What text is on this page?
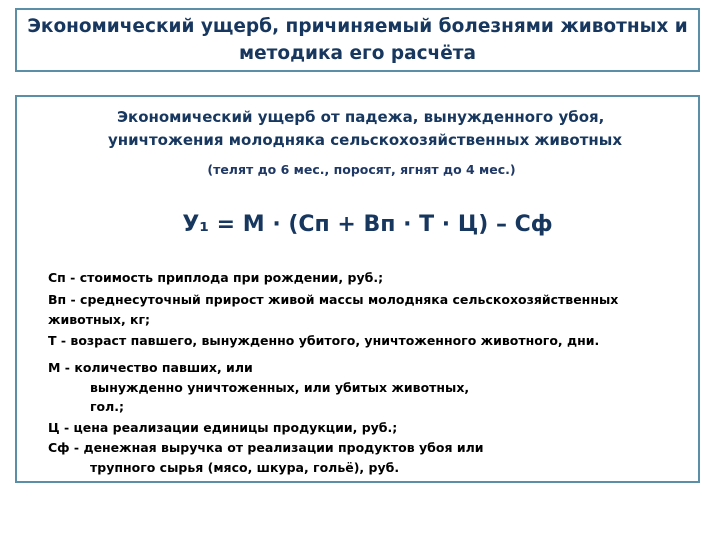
Экономический ущерб, причиняемый болезнями животных и
методика его расчёта
Экономический ущерб от падежа, вынужденного убоя,
уничтожения молодняка сельскохозяйственных животных
(телят до 6 мес., поросят, ягнят до 4 мес.)
У₁ = М · (Сп + Вп · Т · Ц) – Сф
Сп - стоимость приплода при рождении, руб.;
Вп - среднесуточный прирост живой массы молодняка сельскохозяйственных
животных, кг;
Т - возраст павшего, вынужденно убитого, уничтоженного животного, дни.
М - количество павших, или
вынужденно уничтоженных, или убитых животных,
гол.;
Ц - цена реализации единицы продукции, руб.;
Сф - денежная выручка от реализации продуктов убоя или
трупного сырья (мясо, шкура, гольё), руб.
